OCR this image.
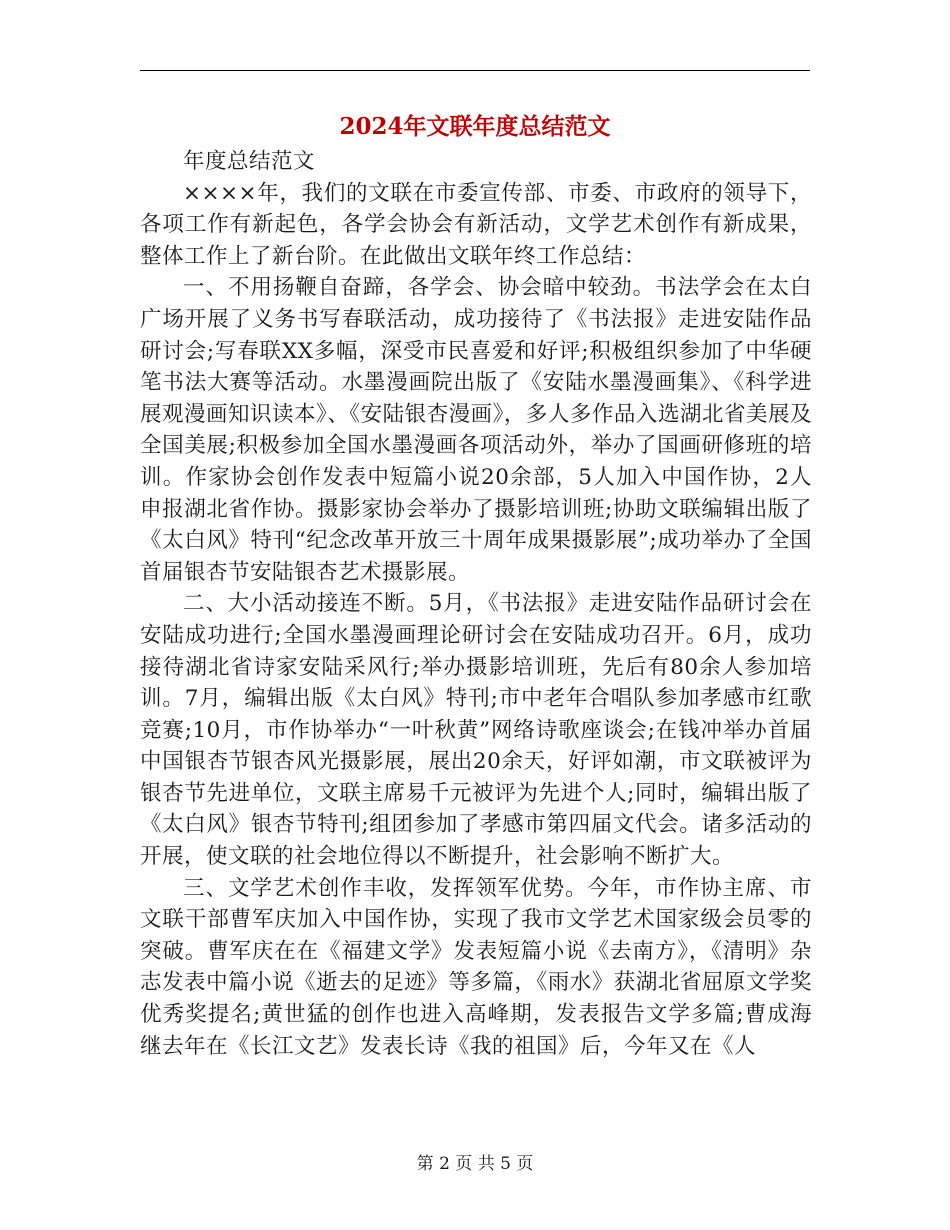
2024年文联年度总结范文

年度总结范文

××××年，我们的文联在市委宣传部、市委、市政府的领导下，各项工作有新起色，各学会协会有新活动，文学艺术创作有新成果，整体工作上了新台阶。在此做出文联年终工作总结：

一、不用扬鞭自奋蹄，各学会、协会暗中较劲。书法学会在太白广场开展了义务书写春联活动，成功接待了《书法报》走进安陆作品研讨会;写春联XX多幅，深受市民喜爱和好评;积极组织参加了中华硬笔书法大赛等活动。水墨漫画院出版了《安陆水墨漫画集》、《科学进展观漫画知识读本》、《安陆银杏漫画》，多人多作品入选湖北省美展及全国美展;积极参加全国水墨漫画各项活动外，举办了国画研修班的培训。作家协会创作发表中短篇小说20余部，5人加入中国作协，2人申报湖北省作协。摄影家协会举办了摄影培训班;协助文联编辑出版了《太白风》特刊“纪念改革开放三十周年成果摄影展”;成功举办了全国首届银杏节安陆银杏艺术摄影展。

二、大小活动接连不断。5月，《书法报》走进安陆作品研讨会在安陆成功进行;全国水墨漫画理论研讨会在安陆成功召开。6月，成功接待湖北省诗家安陆采风行;举办摄影培训班，先后有80余人参加培训。7月，编辑出版《太白风》特刊;市中老年合唱队参加孝感市红歌竞赛;10月，市作协举办“一叶秋黄”网络诗歌座谈会;在钱冲举办首届中国银杏节银杏风光摄影展，展出20余天，好评如潮，市文联被评为银杏节先进单位，文联主席易千元被评为先进个人;同时，编辑出版了《太白风》银杏节特刊;组团参加了孝感市第四届文代会。诸多活动的开展，使文联的社会地位得以不断提升，社会影响不断扩大。

三、文学艺术创作丰收，发挥领军优势。今年，市作协主席、市文联干部曹军庆加入中国作协，实现了我市文学艺术国家级会员零的突破。曹军庆在在《福建文学》发表短篇小说《去南方》，《清明》杂志发表中篇小说《逝去的足迹》等多篇，《雨水》获湖北省屈原文学奖优秀奖提名;黄世猛的创作也进入高峰期，发表报告文学多篇;曹成海继去年在《长江文艺》发表长诗《我的祖国》后，今年又在《人

第 2 页 共 5 页
